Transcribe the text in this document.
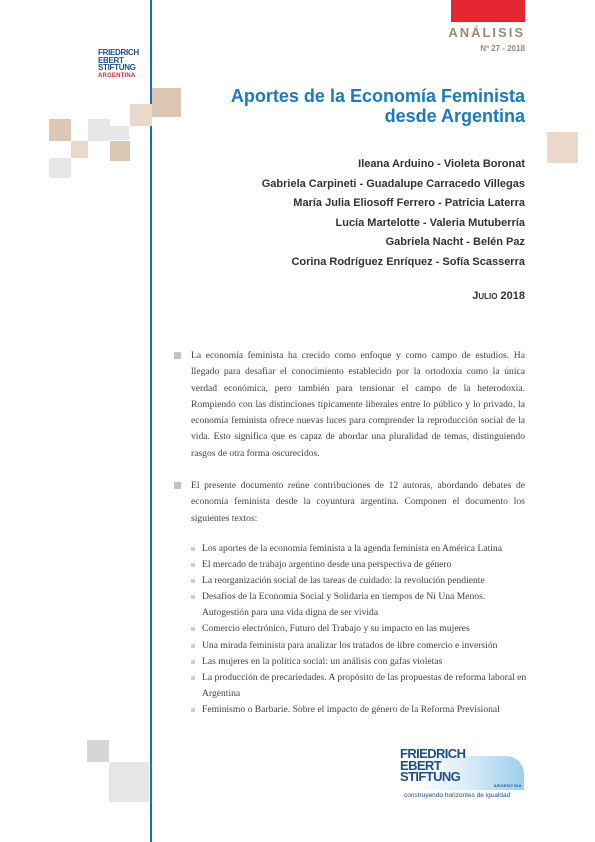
ANÁLISIS
Nº 27 - 2018
FRIEDRICH
EBERT
STIFTUNG
ARGENTINA
Aportes de la Economía Feminista
desde Argentina
Ileana Arduino - Violeta Boronat
Gabriela Carpineti - Guadalupe Carracedo Villegas
María Julia Eliosoff Ferrero - Patricia Laterra
Lucía Martelotte - Valeria Mutuberría
Gabriela Nacht - Belén Paz
Corina Rodríguez Enríquez - Sofía Scasserra
Julio 2018

La economía feminista ha crecido como enfoque y como campo de estudios. Ha llegado para desafiar el conocimiento establecido por la ortodoxia como la única verdad económica, pero también para tensionar el campo de la heterodoxia. Rompiendo con las distinciones típicamente liberales entre lo público y lo privado, la economía feminista ofrece nuevas luces para comprender la reproducción social de la vida. Esto significa que es capaz de abordar una pluralidad de temas, distinguiendo rasgos de otra forma oscurecidos.

El presente documento reúne contribuciones de 12 autoras, abordando debates de economía feminista desde la coyuntura argentina. Componen el documento los siguientes textos:

Los aportes de la economía feminista a la agenda feminista en América Latina
El mercado de trabajo argentino desde una perspectiva de género
La reorganización social de las tareas de cuidado: la revolución pendiente
Desafíos de la Economía Social y Solidaria en tiempos de Ni Una Menos. Autogestión para una vida digna de ser vivida
Comercio electrónico, Futuro del Trabajo y su impacto en las mujeres
Una mirada feminista para analizar los tratados de libre comercio e inversión
Las mujeres en la política social: un análisis con gafas violetas
La producción de precariedades. A propósito de las propuestas de reforma laboral en Argentina
Feminismo o Barbarie. Sobre el impacto de género de la Reforma Previsional
FRIEDRICH
EBERT
STIFTUNG
ARGENTINA
construyendo horizontes de igualdad
